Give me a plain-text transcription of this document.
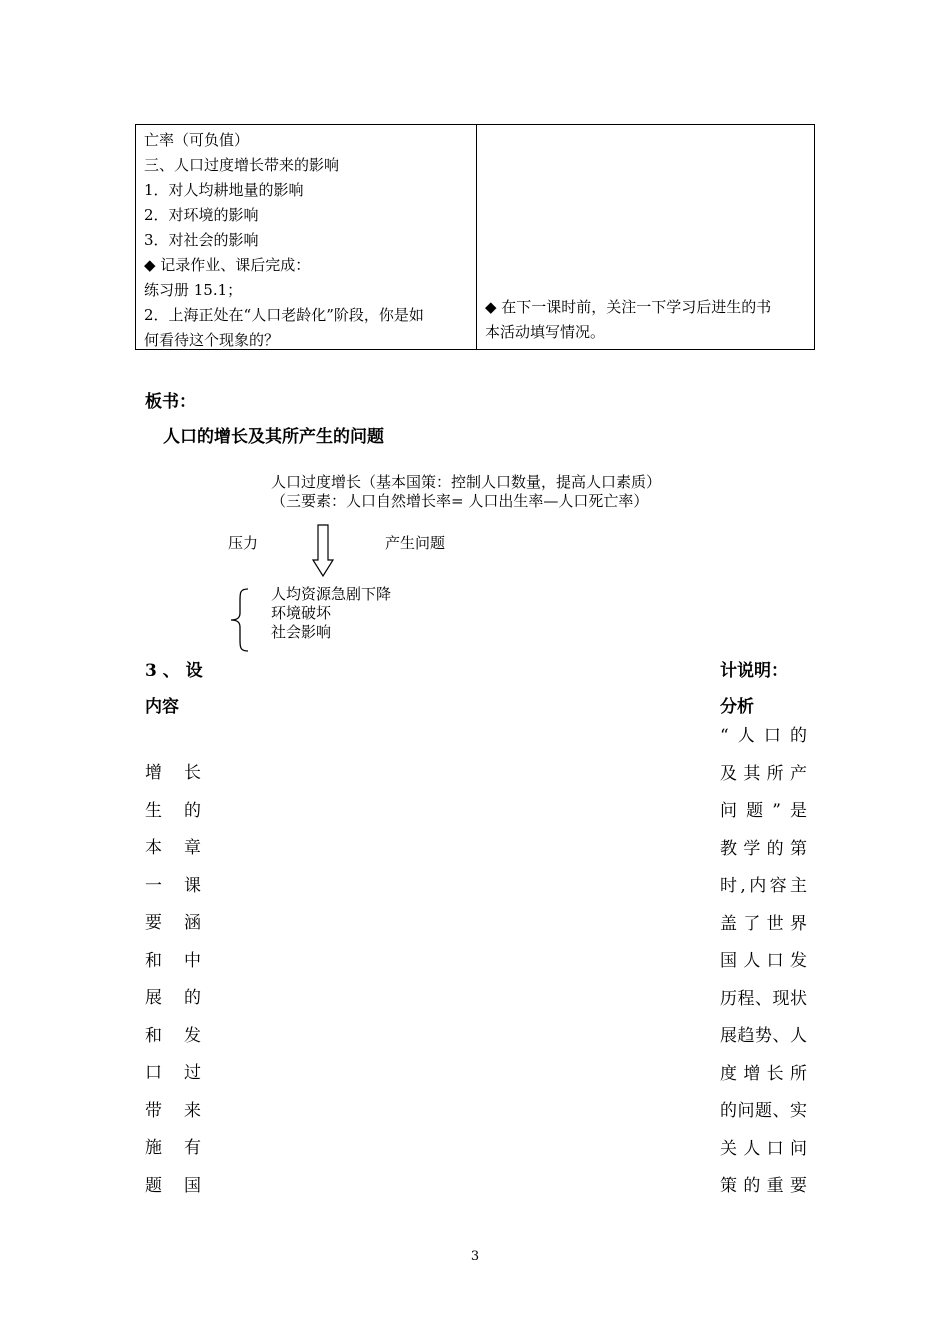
亡率（可负值）
三、人口过度增长带来的影响
1．对人均耕地量的影响
2．对环境的影响
3．对社会的影响
◆ 记录作业、课后完成：
练习册 15.1；
2．上海正处在“人口老龄化”阶段，你是如
何看待这个现象的？

◆ 在下一课时前，关注一下学习后进生的书
本活动填写情况。
板书：
人口的增长及其所产生的问题
人口过度增长（基本国策：控制人口数量，提高人口素质）
（三要素：人口自然增长率= 人口出生率—人口死亡率）
压力	产生问题
人均资源急剧下降
环境破坏
社会影响
3 、 设	计说明：
内容	分析
增 长
生 的
本 章
一 课
要 涵
和 中
展 的
和 发
口 过
带 来
施 有
题 国
“ 人 口 的
及 其 所 产
问 题 ” 是
教 学 的 第
时 , 内 容 主
盖 了 世 界
国 人 口 发
历 程 、 现 状
展 趋 势 、 人
度 增 长 所
的 问 题 、 实
关 人 口 问
策 的 重 要
3
